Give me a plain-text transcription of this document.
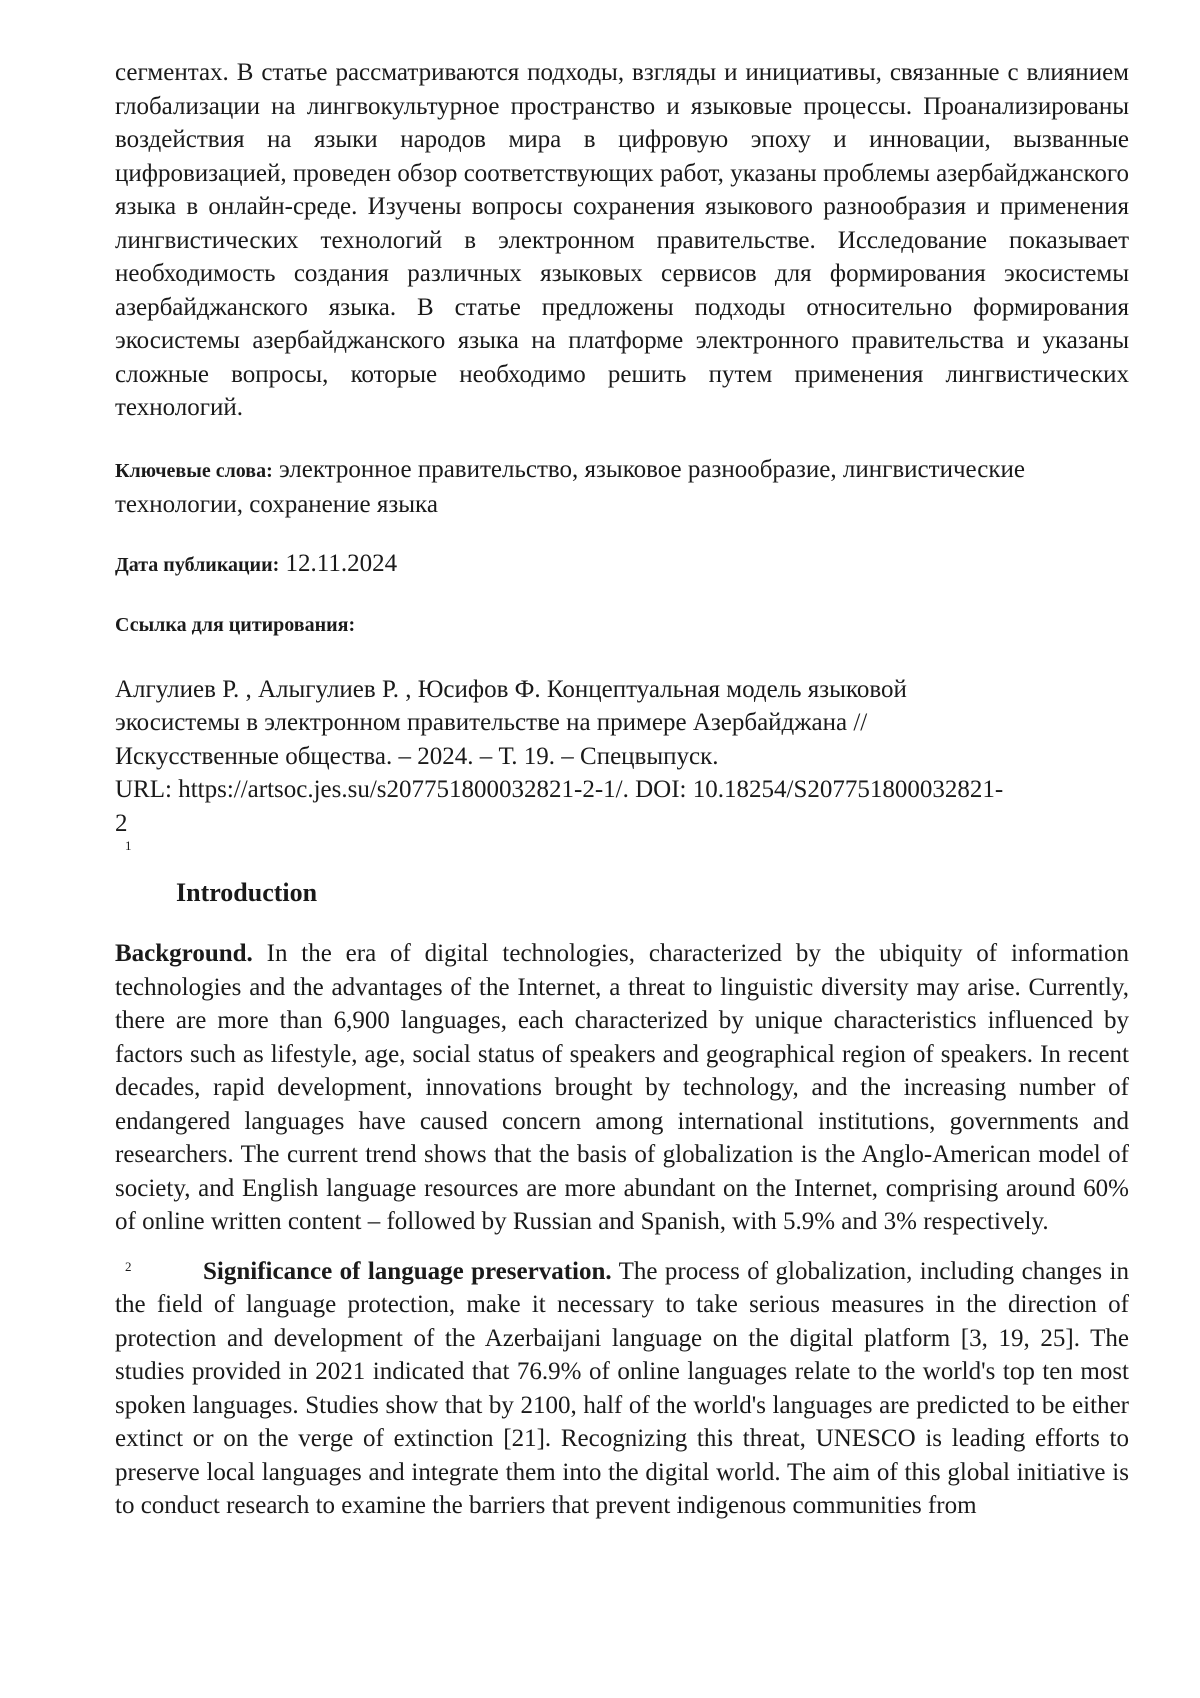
сегментах. В статье рассматриваются подходы, взгляды и инициативы, связанные с влиянием глобализации на лингвокультурное пространство и языковые процессы. Проанализированы воздействия на языки народов мира в цифровую эпоху и инновации, вызванные цифровизацией, проведен обзор соответствующих работ, указаны проблемы азербайджанского языка в онлайн-среде. Изучены вопросы сохранения языкового разнообразия и применения лингвистических технологий в электронном правительстве. Исследование показывает необходимость создания различных языковых сервисов для формирования экосистемы азербайджанского языка. В статье предложены подходы относительно формирования экосистемы азербайджанского языка на платформе электронного правительства и указаны сложные вопросы, которые необходимо решить путем применения лингвистических технологий.

Ключевые слова: электронное правительство, языковое разнообразие, лингвистические технологии, сохранение языка

Дата публикации: 12.11.2024

Ссылка для цитирования:

Алгулиев Р. , Алыгулиев Р. , Юсифов Ф. Концептуальная модель языковой
экосистемы в электронном правительстве на примере Азербайджана //
Искусственные общества. – 2024. – Т. 19. – Спецвыпуск.
URL: https://artsoc.jes.su/s207751800032821-2-1/. DOI: 10.18254/S207751800032821-
2

1

Introduction

Background. In the era of digital technologies, characterized by the ubiquity of information technologies and the advantages of the Internet, a threat to linguistic diversity may arise. Currently, there are more than 6,900 languages, each characterized by unique characteristics influenced by factors such as lifestyle, age, social status of speakers and geographical region of speakers. In recent decades, rapid development, innovations brought by technology, and the increasing number of endangered languages have caused concern among international institutions, governments and researchers. The current trend shows that the basis of globalization is the Anglo-American model of society, and English language resources are more abundant on the Internet, comprising around 60% of online written content – followed by Russian and Spanish, with 5.9% and 3% respectively.

2	Significance of language preservation. The process of globalization, including changes in the field of language protection, make it necessary to take serious measures in the direction of protection and development of the Azerbaijani language on the digital platform [3, 19, 25]. The studies provided in 2021 indicated that 76.9% of online languages relate to the world's top ten most spoken languages. Studies show that by 2100, half of the world's languages are predicted to be either extinct or on the verge of extinction [21]. Recognizing this threat, UNESCO is leading efforts to preserve local languages and integrate them into the digital world. The aim of this global initiative is to conduct research to examine the barriers that prevent indigenous communities from
